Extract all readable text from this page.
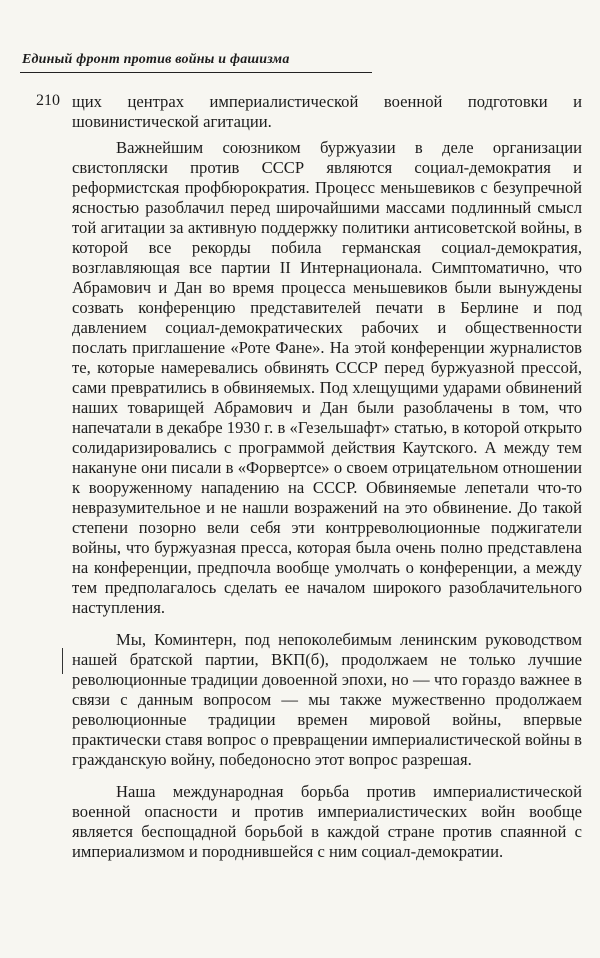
Единый фронт против войны и фашизма
210 щих центрах империалистической военной подготовки и шовинистической агитации.

Важнейшим союзником буржуазии в деле организации свистопляски против СССР являются социал-демократия и реформистская профбюрократия. Процесс меньшевиков с безупречной ясностью разоблачил перед широчайшими массами подлинный смысл той агитации за активную поддержку политики антисоветской войны, в которой все рекорды побила германская социал-демократия, возглавляющая все партии II Интернационала. Симптоматично, что Абрамович и Дан во время процесса меньшевиков были вынуждены созвать конференцию представителей печати в Берлине и под давлением социал-демократических рабочих и общественности послать приглашение «Роте Фане». На этой конференции журналистов те, которые намеревались обвинять СССР перед буржуазной прессой, сами превратились в обвиняемых. Под хлещущими ударами обвинений наших товарищей Абрамович и Дан были разоблачены в том, что напечатали в декабре 1930 г. в «Гезельшафт» статью, в которой открыто солидаризировались с программой действия Каутского. А между тем накануне они писали в «Форвертсе» о своем отрицательном отношении к вооруженному нападению на СССР. Обвиняемые лепетали что-то невразумительное и не нашли возражений на это обвинение. До такой степени позорно вели себя эти контрреволюционные поджигатели войны, что буржуазная пресса, которая была очень полно представлена на конференции, предпочла вообще умолчать о конференции, а между тем предполагалось сделать ее началом широкого разоблачительного наступления.

Мы, Коминтерн, под непоколебимым ленинским руководством нашей братской партии, ВКП(б), продолжаем не только лучшие революционные традиции довоенной эпохи, но — что гораздо важнее в связи с данным вопросом — мы также мужественно продолжаем революционные традиции времен мировой войны, впервые практически ставя вопрос о превращении империалистической войны в гражданскую войну, победоносно этот вопрос разрешая.

Наша международная борьба против империалистической военной опасности и против империалистических войн вообще является беспощадной борьбой в каждой стране против спаянной с империализмом и породнившейся с ним социал-демократии.
